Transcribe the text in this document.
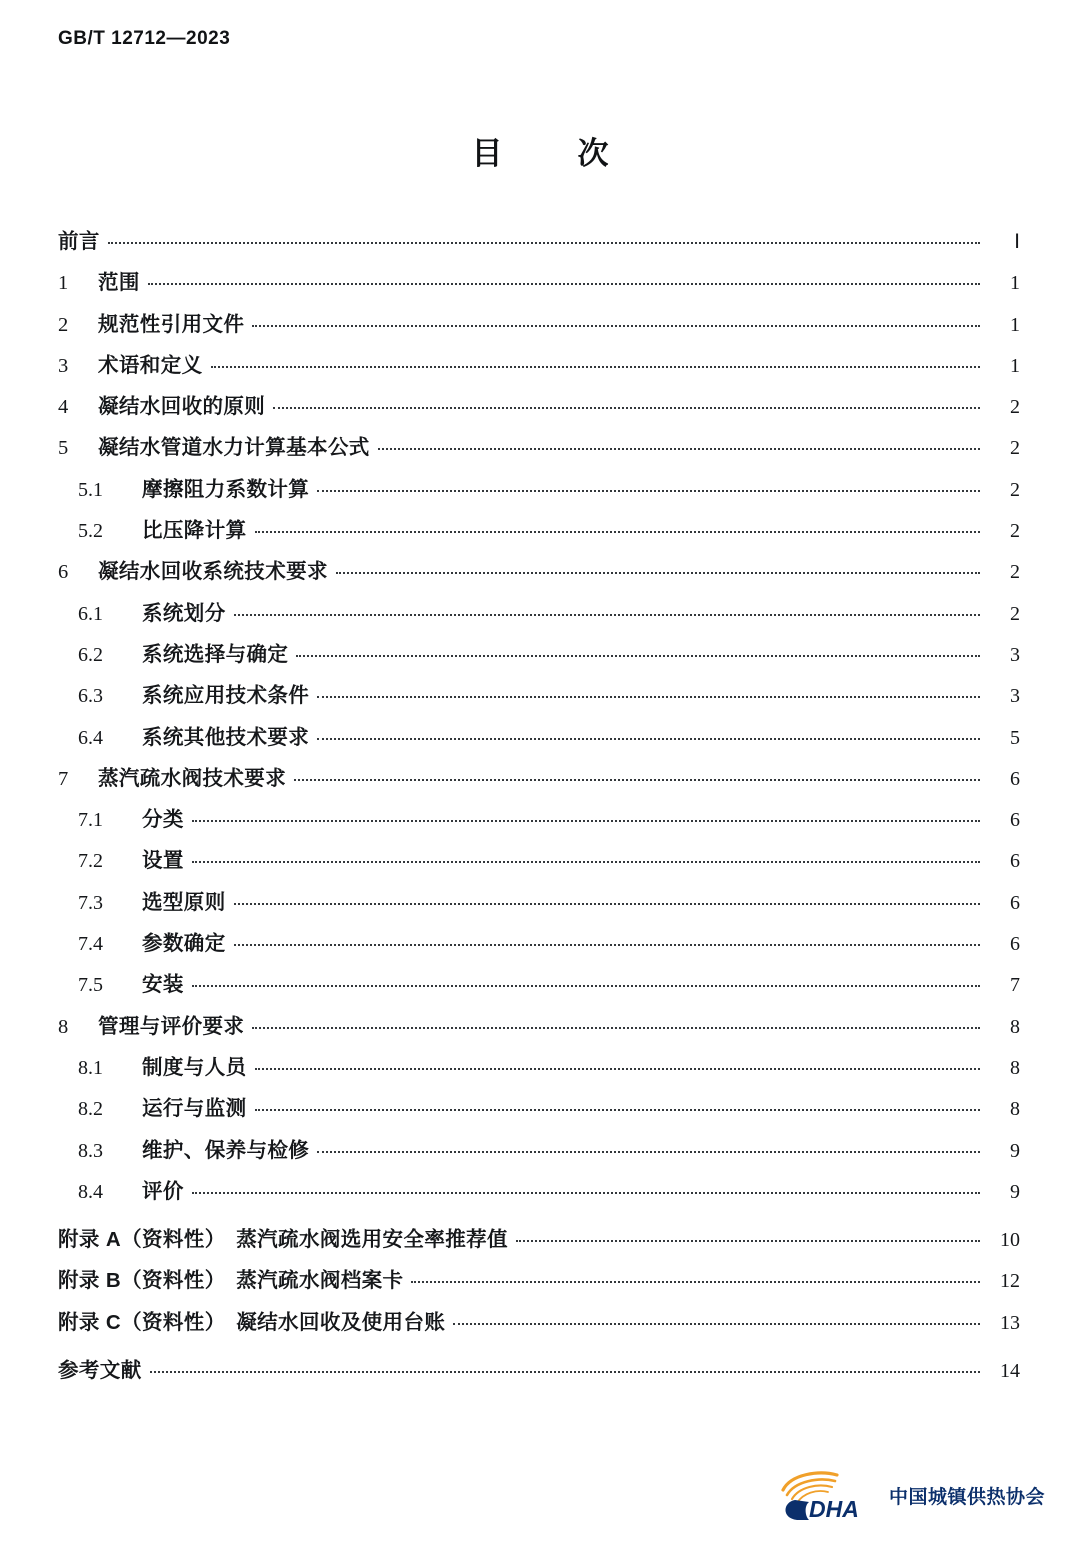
GB/T 12712—2023
目　次
前言	Ⅰ
1	范围	1
2	规范性引用文件	1
3	术语和定义	1
4	凝结水回收的原则	2
5	凝结水管道水力计算基本公式	2
5.1	摩擦阻力系数计算	2
5.2	比压降计算	2
6	凝结水回收系统技术要求	2
6.1	系统划分	2
6.2	系统选择与确定	3
6.3	系统应用技术条件	3
6.4	系统其他技术要求	5
7	蒸汽疏水阀技术要求	6
7.1	分类	6
7.2	设置	6
7.3	选型原则	6
7.4	参数确定	6
7.5	安装	7
8	管理与评价要求	8
8.1	制度与人员	8
8.2	运行与监测	8
8.3	维护、保养与检修	9
8.4	评价	9
附录 A（资料性）　蒸汽疏水阀选用安全率推荐值	10
附录 B（资料性）　蒸汽疏水阀档案卡	12
附录 C（资料性）　凝结水回收及使用台账	13
参考文献	14
DHA 中国城镇供热协会
